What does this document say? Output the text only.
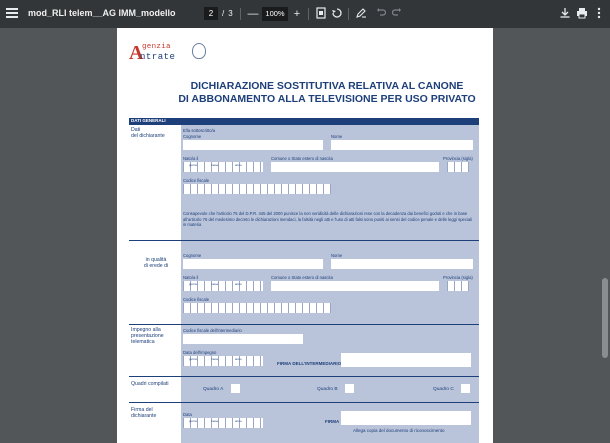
mod_RLI telem__AG IMM_modello	2	/ 3 — 100% +
A
genzia
ntrate
DICHIARAZIONE SOSTITUTIVA RELATIVA AL CANONE
DI ABBONAMENTO ALLA TELEVISIONE PER USO PRIVATO
DATI GENERALI
Dati
del dichiarante
E/la sottoscritto/a
Cognome	Nome
Nato/a il
giorno	mese	anno
Comune o Stato estero di nascita	Provincia (sigla)
Codice fiscale
Consapevole che l'articolo 75 del D.P.R. 445 del 2000 punisce la non veridicità delle dichiarazioni rese con la decadenza dai benefici goduti e che in base all'articolo 76 del medesimo decreto le dichiarazioni mendaci, la falsità negli atti e l'uso di atti falsi sono puniti ai sensi del codice penale e delle leggi speciali in materia
in qualità
di erede di
Cognome	Nome
Nato/a il
giorno	mese	anno
Comune o Stato estero di nascita	Provincia (sigla)
Codice fiscale
Impegno alla
presentazione
telematica
Codice fiscale dell'intermediario
Data dell'impegno
giorno	mese	anno
FIRMA DELL'INTERMEDIARIO
Quadri compilati
Quadro A	Quadro B	Quadro C
Firma del
dichiarante	Data
giorno	mese	anno	FIRMA
Allega copia del documento di riconoscimento
